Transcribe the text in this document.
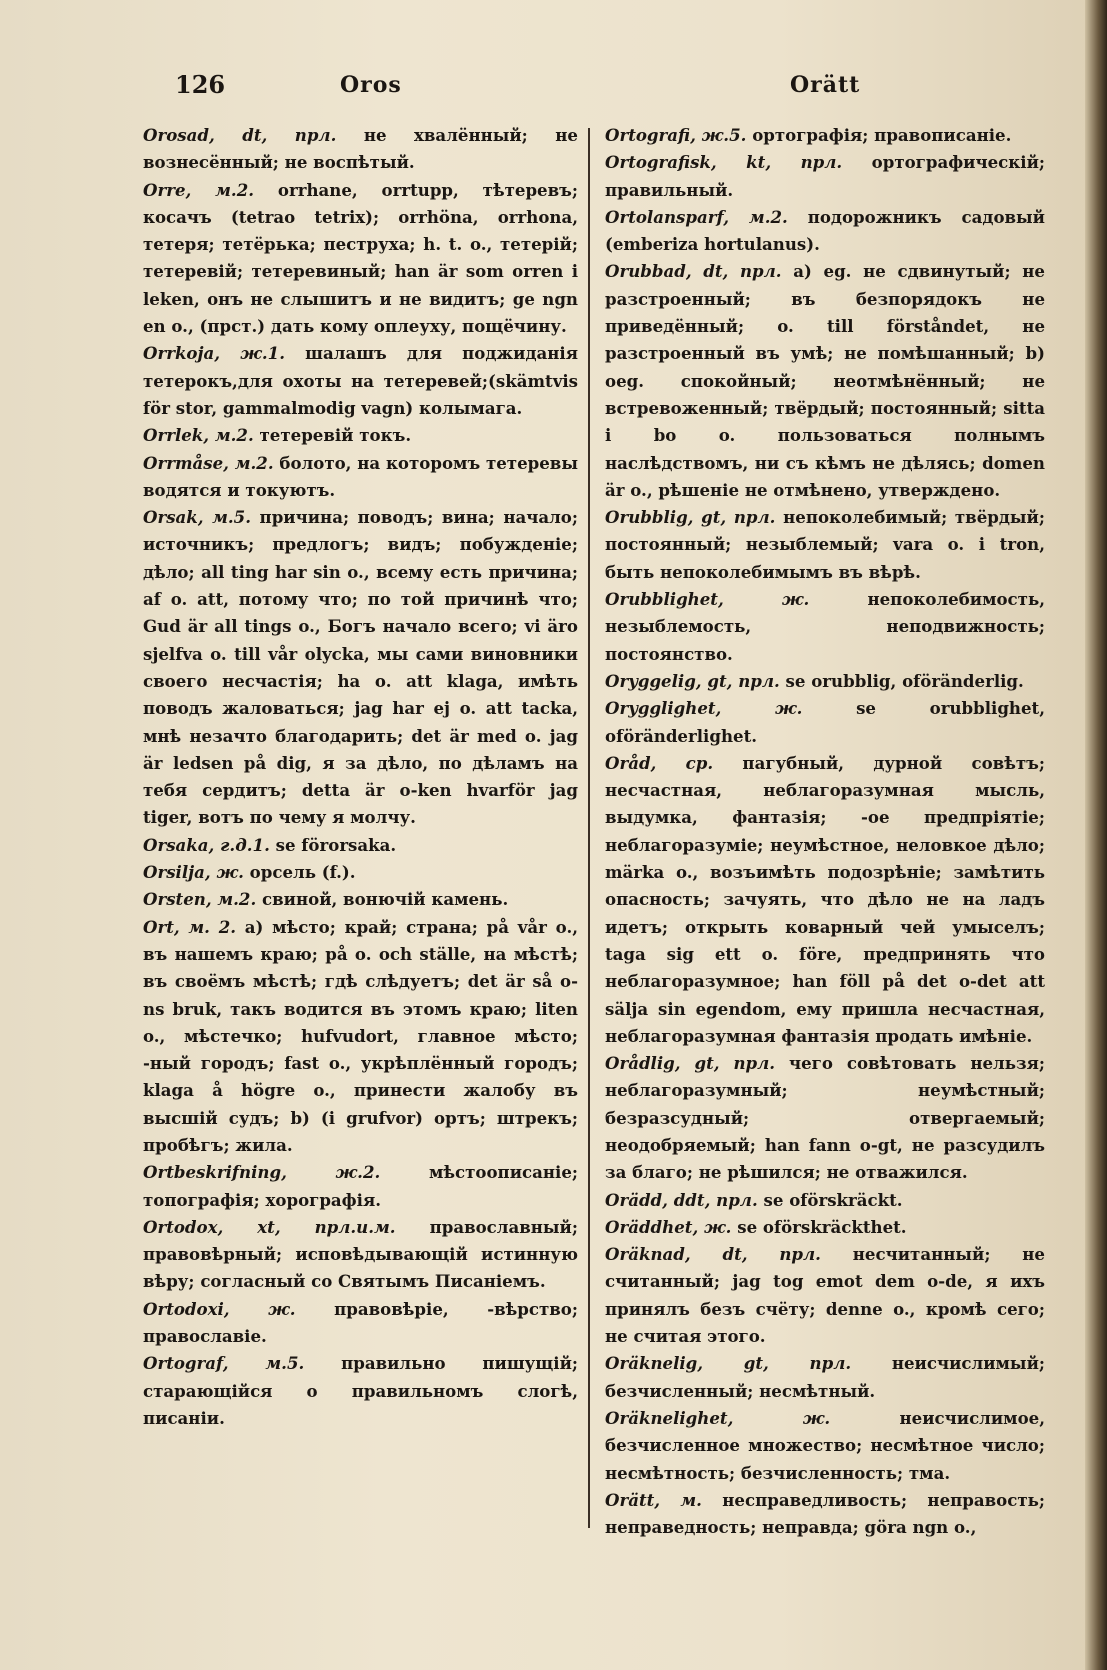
126	Oros	Orätt

Orosad, dt, прл. не хвалённый; не вознесённый; не воспѣтый.

Orre, м.2. orrhane, orrtupp, тѣтеревъ; косачъ (tetrao tetrix); orrhöna, orrhona, тетеря; тетёрька; пеструха; h. t. o., тетерій; тетеревій; тетеревиный; han är som orren i leken, онъ не слышитъ и не видитъ; ge ngn en o., (прст.) дать кому оплеуху, пощёчину.

Orrkoja, ж.1. шалашъ для поджиданія тетерокъ,для охоты на тетеревей;(skämtvis för stor, gammalmodig vagn) колымага.

Orrlek, м.2. тетеревій токъ.

Orrmåse, м.2. болото, на которомъ тетеревы водятся и токуютъ.

Orsak, м.5. причина; поводъ; вина; начало; источникъ; предлогъ; видъ; побужденіе; дѣло; all ting har sin o., всему есть причина; af o. att, потому что; по той причинѣ что; Gud är all tings o., Богъ начало всего; vi äro sjelfva o. till vår olycka, мы сами виновники своего несчастія; ha o. att klaga, имѣть поводъ жаловаться; jag har ej o. att tacka, мнѣ незачто благодарить; det är med o. jag är ledsen på dig, я за дѣло, по дѣламъ на тебя сердитъ; detta är o-ken hvarför jag tiger, вотъ по чему я молчу.

Orsaka, г.д.1. se förorsaka.

Orsilja, ж. орсель (f.).

Orsten, м.2. свиной, вонючій камень.

Ort, м. 2. a) мѣсто; край; страна; på vår o., въ нашемъ краю; på o. och ställe, на мѣстѣ; въ своёмъ мѣстѣ; гдѣ слѣдуетъ; det är så o-ns bruk, такъ водится въ этомъ краю; liten o., мѣстечко; hufvudort, главное мѣсто; -ный городъ; fast o., укрѣплённый городъ; klaga å högre o., принести жалобу въ высшій судъ; b) (i grufvor) ортъ; штрекъ; пробѣгъ; жила.

Ortbeskrifning, ж.2. мѣстоописаніе; топографія; хорографія.

Ortodox, xt, прл.и.м. православный; правовѣрный; исповѣдывающій истинную вѣру; согласный со Святымъ Писаніемъ.

Ortodoxi, ж. правовѣріе, -вѣрство; православіе.

Ortograf, м.5. правильно пишущій; старающійся о правильномъ слогѣ, писаніи.

Ortografi, ж.5. ортографія; правописаніе.

Ortografisk, kt, прл. ортографическій; правильный.

Ortolansparf, м.2. подорожникъ садовый (emberiza hortulanus).

Orubbad, dt, прл. a) eg. не сдвинутый; не разстроенный; въ безпорядокъ не приведённый; o. till förståndet, не разстроенный въ умѣ; не помѣшанный; b) oeg. спокойный; неотмѣнённый; не встревоженный; твёрдый; постоянный; sitta i bo o. пользоваться полнымъ наслѣдствомъ, ни съ кѣмъ не дѣлясь; domen är o., рѣшеніе не отмѣнено, утверждено.

Orubblig, gt, прл. непоколебимый; твёрдый; постоянный; незыблемый; vara o. i tron, быть непоколебимымъ въ вѣрѣ.

Orubblighet, ж. непоколебимость, незыблемость, неподвижность; постоянство.

Oryggelig, gt, прл. se orubblig, oföränderlig.

Orygglighet, ж. se orubblighet, oföränderlighet.

Oråd, ср. пагубный, дурной совѣтъ; несчастная, неблагоразумная мысль, выдумка, фантазія; -ое предпріятіе; неблагоразуміе; неумѣстное, неловкое дѣло; märka o., возъимѣть подозрѣніе; замѣтить опасность; зачуять, что дѣло не на ладъ идетъ; открыть коварный чей умыселъ; taga sig ett o. före, предпринять что неблагоразумное; han föll på det o-det att sälja sin egendom, ему пришла несчастная, неблагоразумная фантазія продать имѣніе.

Orådlig, gt, прл. чего совѣтовать нельзя; неблагоразумный; неумѣстный; безразсудный; отвергаемый; неодобряемый; han fann o-gt, не разсудилъ за благо; не рѣшился; не отважился.

Orädd, ddt, прл. se oförskräckt.

Oräddhet, ж. se oförskräckthet.

Oräknad, dt, прл. несчитанный; не считанный; jag tog emot dem o-de, я ихъ принялъ безъ счёту; denne o., кромѣ сего; не считая этого.

Oräknelig, gt, прл. неисчислимый; безчисленный; несмѣтный.

Oräknelighet, ж. неисчислимое, безчисленное множество; несмѣтное число; несмѣтность; безчисленность; тма.

Orätt, м. несправедливость; неправость; неправедность; неправда; göra ngn o.,
